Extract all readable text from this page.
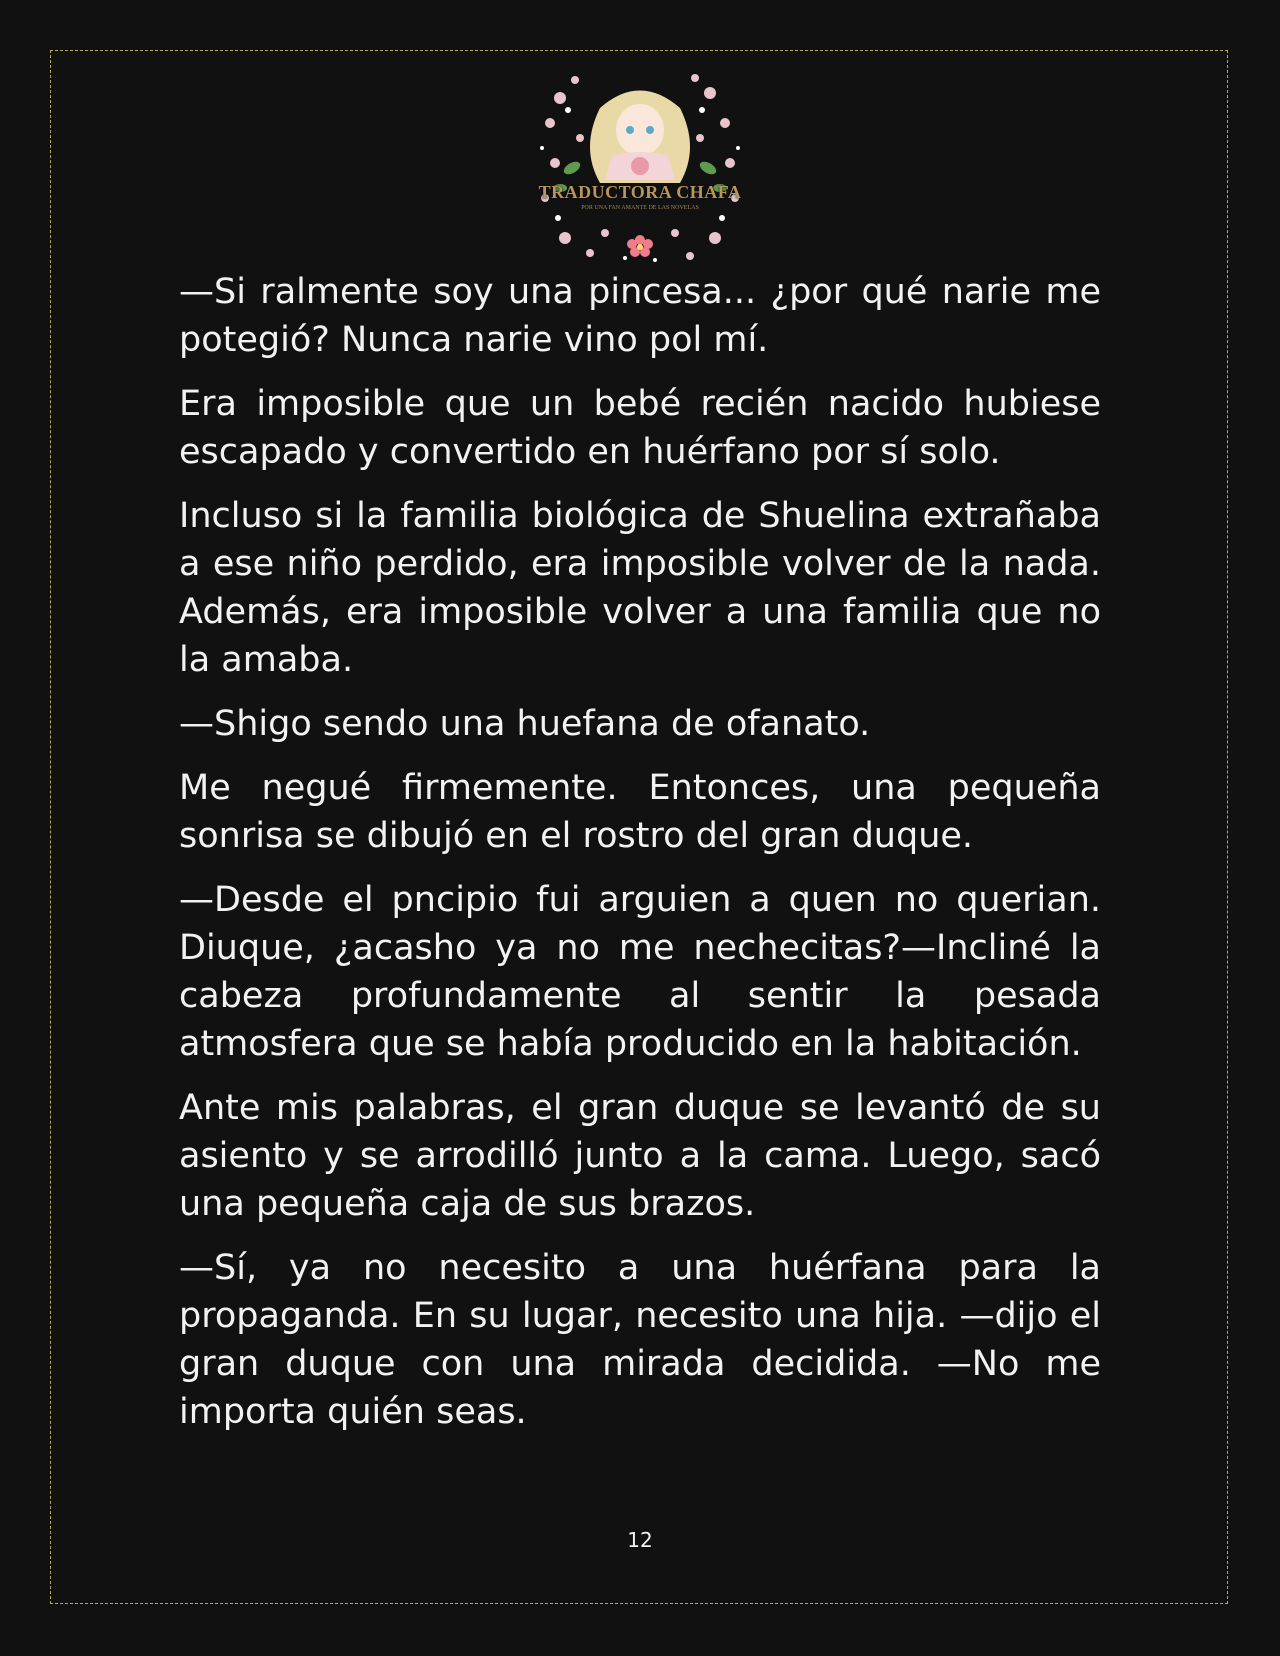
TRADUCTORA CHAFA
POR UNA FAN AMANTE DE LAS NOVELAS

—Si ralmente soy una pincesa... ¿por qué narie me potegió? Nunca narie vino pol mí.

Era imposible que un bebé recién nacido hubiese escapado y convertido en huérfano por sí solo.

Incluso si la familia biológica de Shuelina extrañaba a ese niño perdido, era imposible volver de la nada. Además, era imposible volver a una familia que no la amaba.

—Shigo sendo una huefana de ofanato.

Me negué firmemente. Entonces, una pequeña sonrisa se dibujó en el rostro del gran duque.

—Desde el pncipio fui arguien a quen no querian. Diuque, ¿acasho ya no me nechecitas?—Incliné la cabeza profundamente al sentir la pesada atmosfera que se había producido en la habitación.

Ante mis palabras, el gran duque se levantó de su asiento y se arrodilló junto a la cama. Luego, sacó una pequeña caja de sus brazos.

—Sí, ya no necesito a una huérfana para la propaganda. En su lugar, necesito una hija. —dijo el gran duque con una mirada decidida. —No me importa quién seas.

12
